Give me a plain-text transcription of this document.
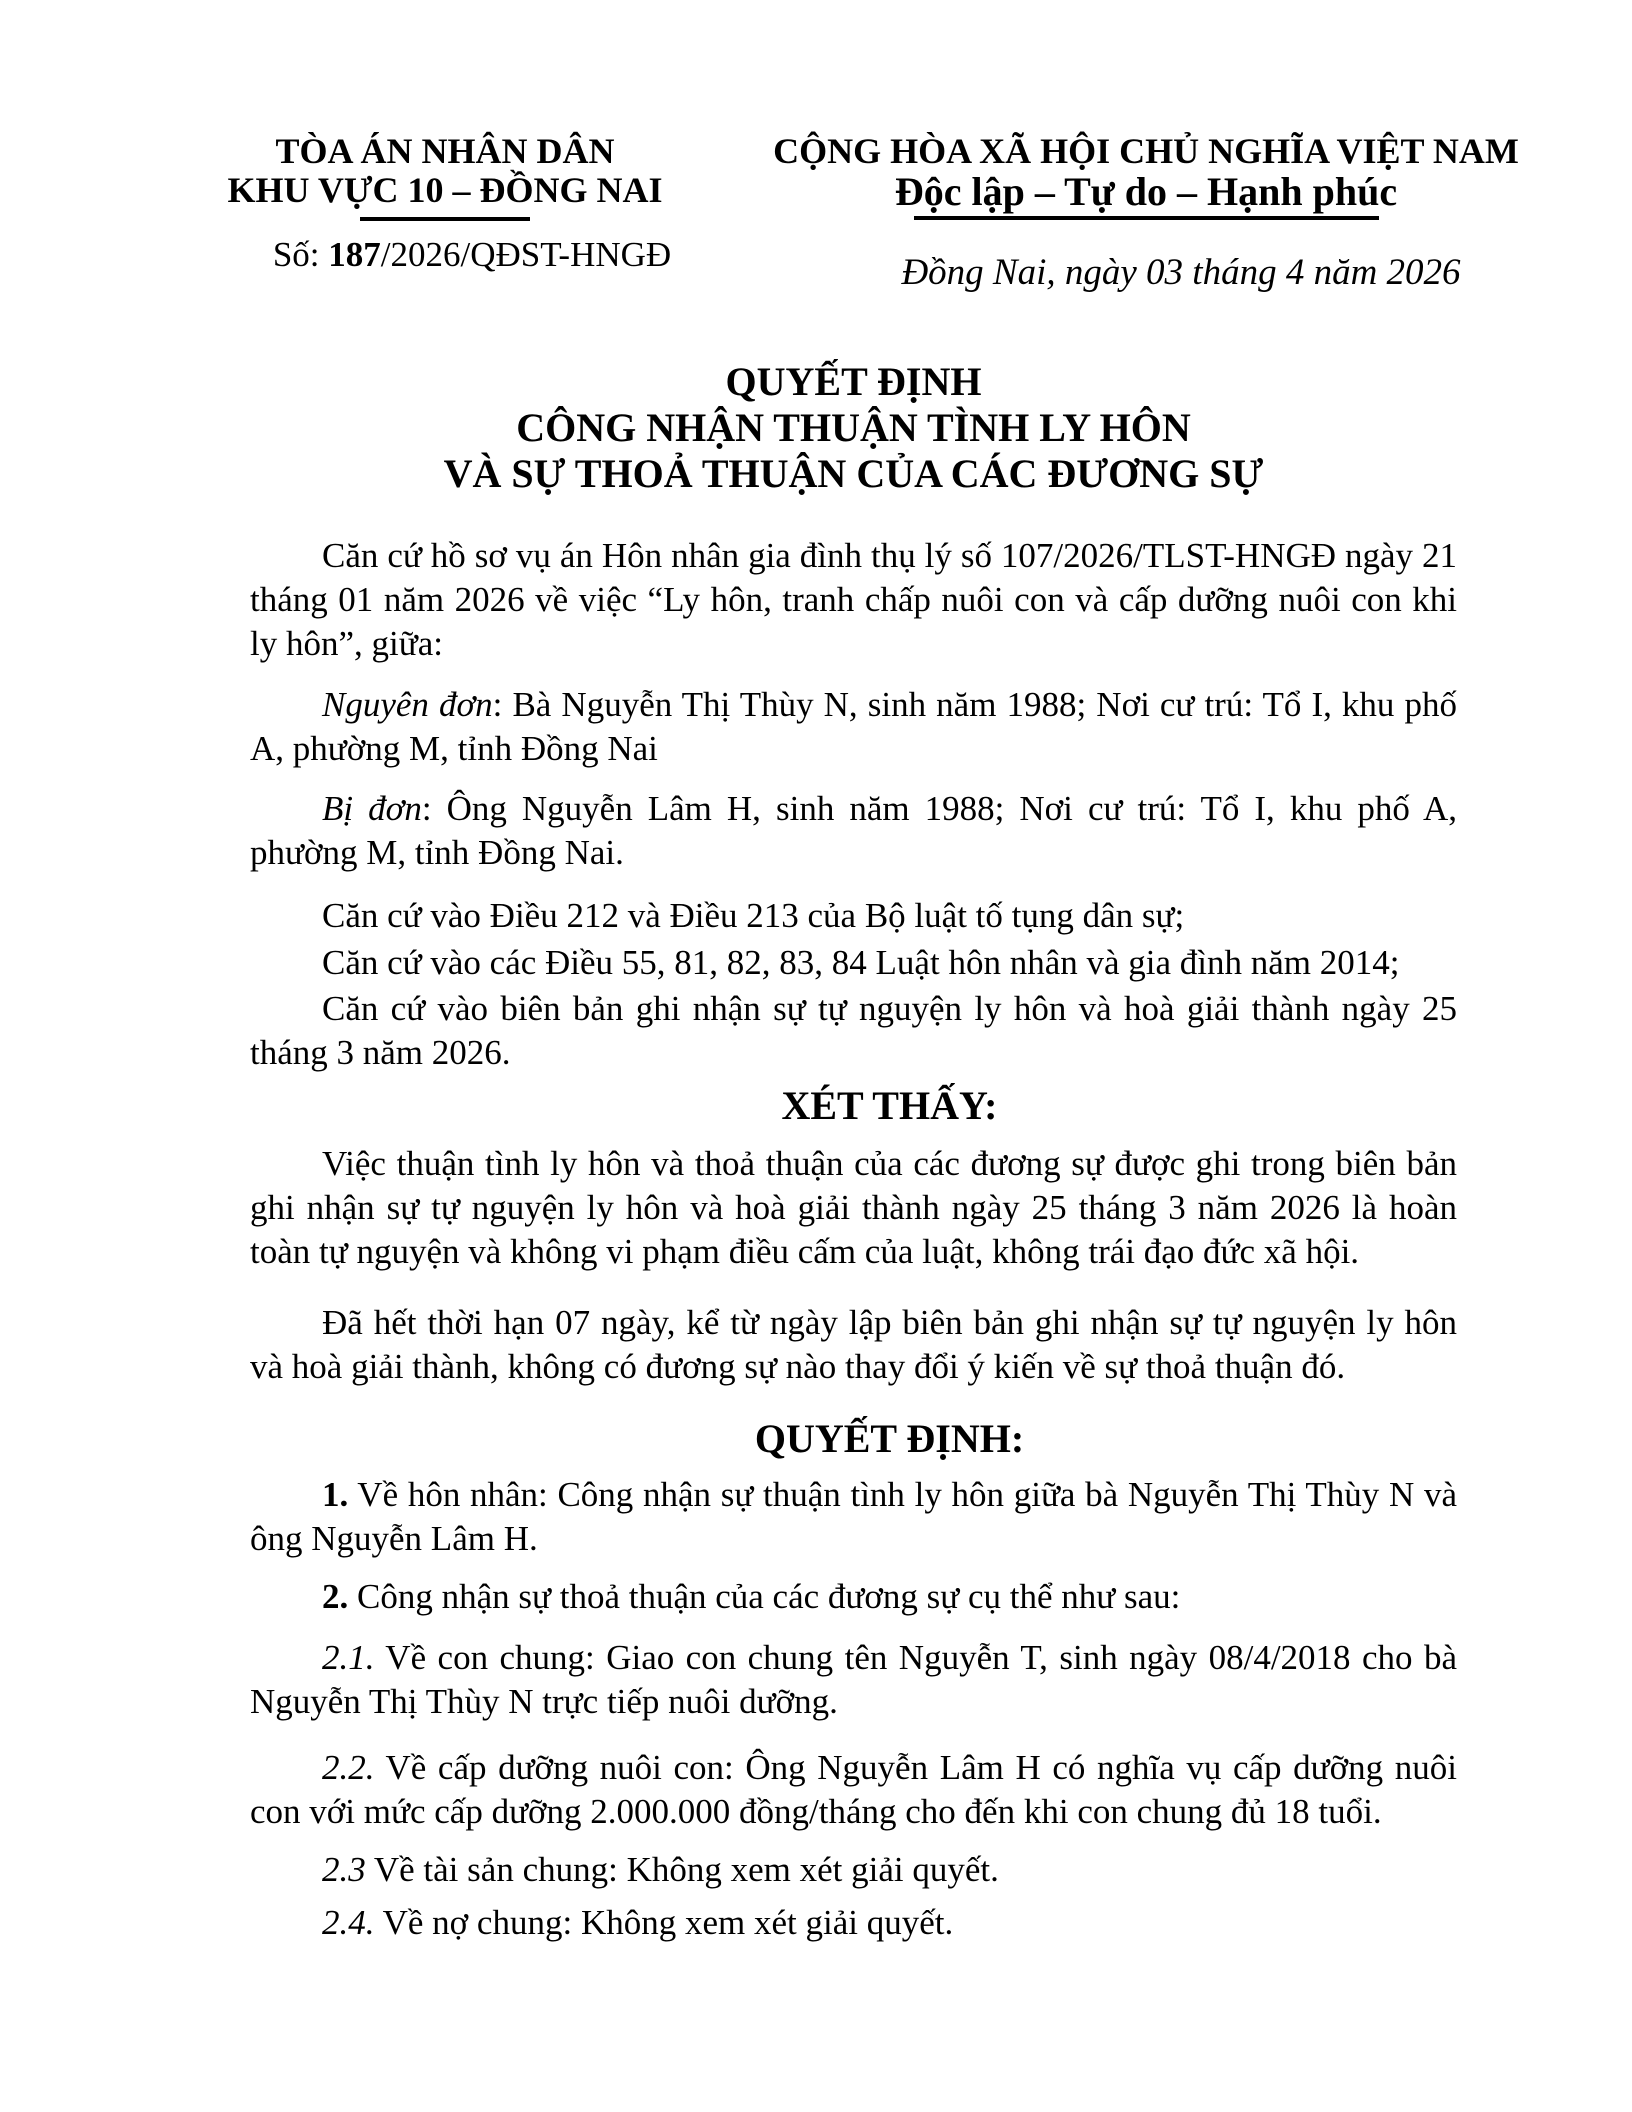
TÒA ÁN NHÂN DÂN
KHU VỰC 10 – ĐỒNG NAI
Số: 187/2026/QĐST-HNGĐ
CỘNG HÒA XÃ HỘI CHỦ NGHĨA VIỆT NAM
Độc lập – Tự do – Hạnh phúc
Đồng Nai, ngày 03 tháng 4 năm 2026
QUYẾT ĐỊNH
CÔNG NHẬN THUẬN TÌNH LY HÔN
VÀ SỰ THOẢ THUẬN CỦA CÁC ĐƯƠNG SỰ

Căn cứ hồ sơ vụ án Hôn nhân gia đình thụ lý số 107/2026/TLST-HNGĐ ngày 21 tháng 01 năm 2026 về việc “Ly hôn, tranh chấp nuôi con và cấp dưỡng nuôi con khi ly hôn”, giữa:

Nguyên đơn: Bà Nguyễn Thị Thùy N, sinh năm 1988; Nơi cư trú: Tổ I, khu phố A, phường M, tỉnh Đồng Nai

Bị đơn: Ông Nguyễn Lâm H, sinh năm 1988; Nơi cư trú: Tổ I, khu phố A, phường M, tỉnh Đồng Nai.

Căn cứ vào Điều 212 và Điều 213 của Bộ luật tố tụng dân sự;

Căn cứ vào các Điều 55, 81, 82, 83, 84 Luật hôn nhân và gia đình năm 2014;

Căn cứ vào biên bản ghi nhận sự tự nguyện ly hôn và hoà giải thành ngày 25 tháng 3 năm 2026.

XÉT THẤY:

Việc thuận tình ly hôn và thoả thuận của các đương sự được ghi trong biên bản ghi nhận sự tự nguyện ly hôn và hoà giải thành ngày 25 tháng 3 năm 2026 là hoàn toàn tự nguyện và không vi phạm điều cấm của luật, không trái đạo đức xã hội.

Đã hết thời hạn 07 ngày, kể từ ngày lập biên bản ghi nhận sự tự nguyện ly hôn và hoà giải thành, không có đương sự nào thay đổi ý kiến về sự thoả thuận đó.

QUYẾT ĐỊNH:

1. Về hôn nhân: Công nhận sự thuận tình ly hôn giữa bà Nguyễn Thị Thùy N và ông Nguyễn Lâm H.

2. Công nhận sự thoả thuận của các đương sự cụ thể như sau:

2.1. Về con chung: Giao con chung tên Nguyễn T, sinh ngày 08/4/2018 cho bà Nguyễn Thị Thùy N trực tiếp nuôi dưỡng.

2.2. Về cấp dưỡng nuôi con: Ông Nguyễn Lâm H có nghĩa vụ cấp dưỡng nuôi con với mức cấp dưỡng 2.000.000 đồng/tháng cho đến khi con chung đủ 18 tuổi.

2.3 Về tài sản chung: Không xem xét giải quyết.

2.4. Về nợ chung: Không xem xét giải quyết.
